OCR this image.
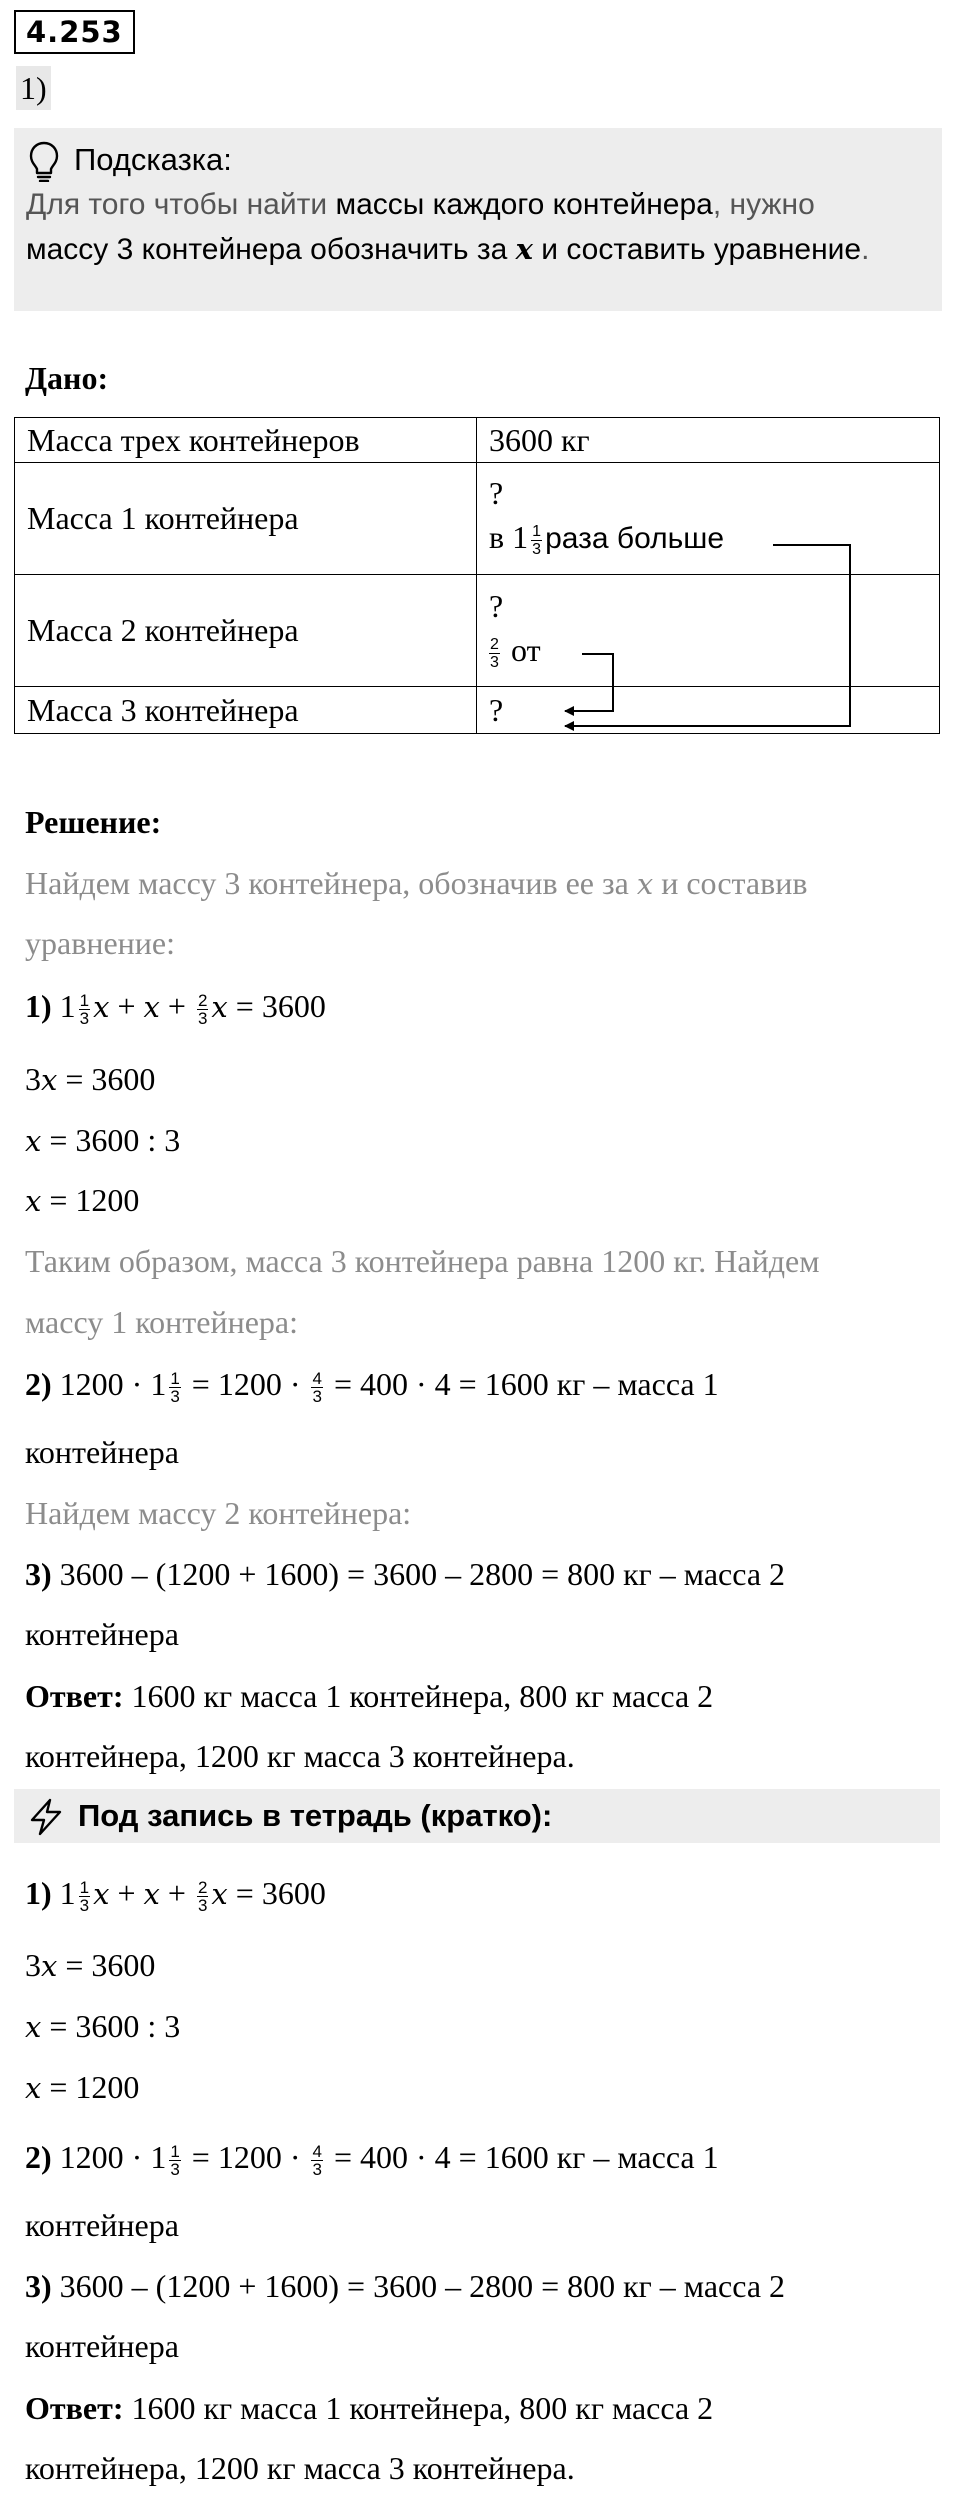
4.253
1)
Подсказка:
Для того чтобы найти массы каждого контейнера, нужно
массу 3 контейнера обозначить за x и составить уравнение.
Дано:
Масса трех контейнеров	3600 кг
Масса 1 контейнера	?
в $1 \frac{1}{3}$ раза больше

Масса 2 контейнера	?
$\frac{2}{3}$ от

Масса 3 контейнера	?
Решение:
Найдем массу 3 контейнера, обозначив ее за x и составив
уравнение:
1) $1 \frac{1}{3}$ $x + x + \frac{2}{3}$ x = 3600
3x = 3600
x = 3600 : 3
x = 1200
Таким образом, масса 3 контейнера равна 1200 кг. Найдем
массу 1 контейнера:
2) $1200 \cdot 1 \frac{1}{3} = 1200 \cdot \frac{4}{3} = 400 \cdot 4 = 1600$ кг – масса 1
контейнера
Найдем массу 2 контейнера:
3) 3600 – (1200 + 1600) = 3600 – 2800 = 800 кг – масса 2
контейнера
Ответ: 1600 кг масса 1 контейнера, 800 кг масса 2
контейнера, 1200 кг масса 3 контейнера.
Под запись в тетрадь (кратко):
1) $1 \frac{1}{3}$ $x + x + \frac{2}{3}$ x = 3600
3x = 3600
x = 3600 : 3
x = 1200
2) $1200 \cdot 1 \frac{1}{3} = 1200 \cdot \frac{4}{3} = 400 \cdot 4 = 1600$ кг – масса 1
контейнера
3) 3600 – (1200 + 1600) = 3600 – 2800 = 800 кг – масса 2
контейнера
Ответ: 1600 кг масса 1 контейнера, 800 кг масса 2
контейнера, 1200 кг масса 3 контейнера.
